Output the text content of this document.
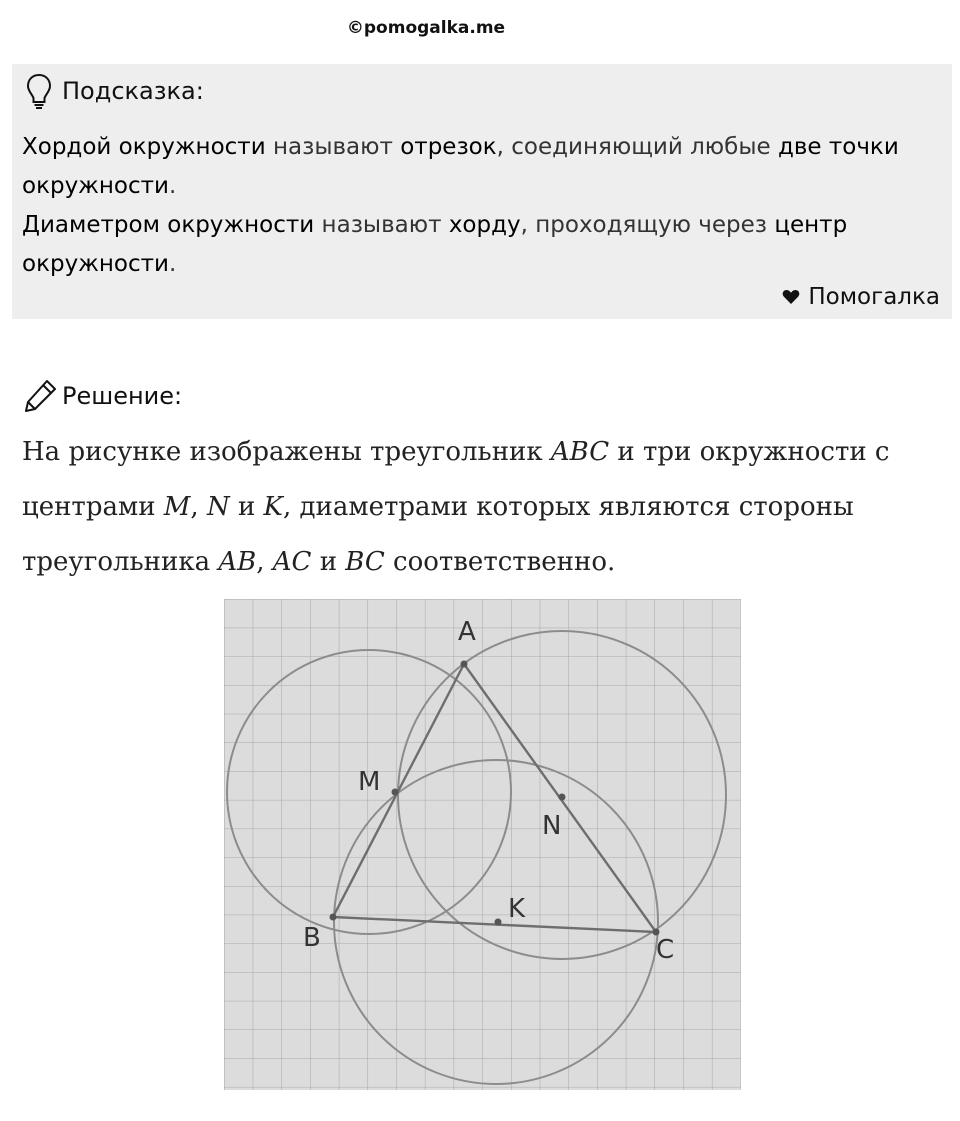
©pomogalka.me
Подсказка:
Хордой окружности называют отрезок, соединяющий любые две точки окружности.
Диаметром окружности называют хорду, проходящую через центр окружности.
Помогалка
Решение:
На рисунке изображены треугольник ABC и три окружности с центрами M, N и K, диаметрами которых являются стороны треугольника AB, AC и BC соответственно.
A
B	C
M
N
K
